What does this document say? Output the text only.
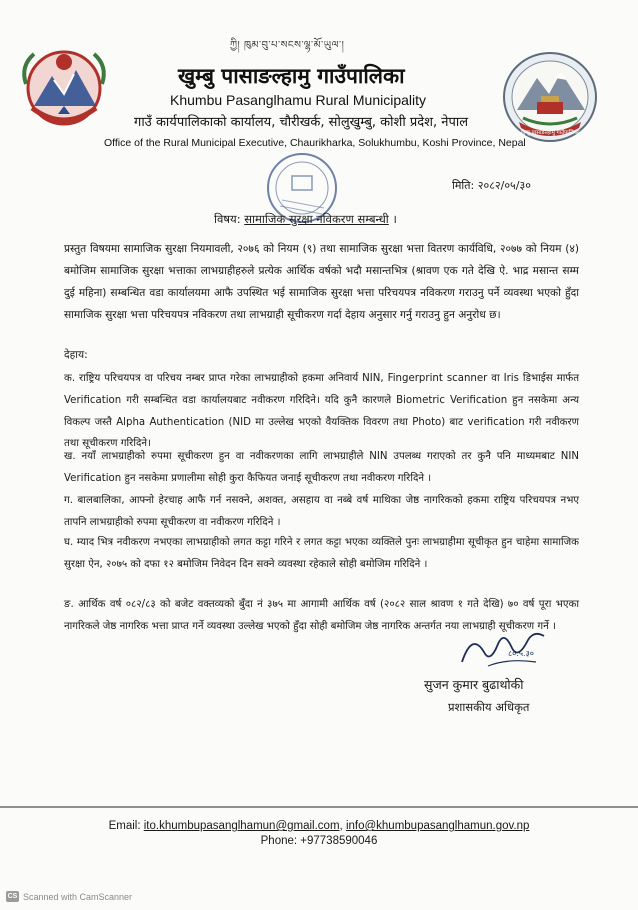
खुम्बु पासाङल्हामु गाउँपालिका
ཀྱི། ཁུམ་བུ་པ་སངས་ལྷ་མོ་ཡུལ་།
खुम्बु पासाङल्हामु गाउँपालिका
Khumbu Pasanglhamu Rural Municipality
गाउँ कार्यपालिकाको कार्यालय, चौरीखर्क, सोलुखुम्बु, कोशी प्रदेश, नेपाल
Office of the Rural Municipal Executive, Chaurikharka, Solukhumbu, Koshi Province, Nepal
मिति: २०८२/०५/३०
विषय: सामाजिक सुरक्षा नविकरण सम्बन्धी ।
प्रस्तुत विषयमा सामाजिक सुरक्षा नियमावली, २०७६ को नियम (९) तथा सामाजिक सुरक्षा भत्ता वितरण कार्यविधि, २०७७ को नियम (४) बमोजिम सामाजिक सुरक्षा भत्ताका लाभग्राहीहरुले प्रत्येक आर्थिक वर्षको भदौ मसान्तभित्र (श्रावण एक गते देखि ऐ. भाद्र मसान्त सम्म दुई महिना) सम्बन्धित वडा कार्यालयमा आफै उपस्थित भई सामाजिक सुरक्षा भत्ता परिचयपत्र नविकरण गराउनु पर्ने व्यवस्था भएको हुँदा सामाजिक सुरक्षा भत्ता परिचयपत्र नविकरण तथा लाभग्राही सूचीकरण गर्दा देहाय अनुसार गर्नु गराउनु हुन अनुरोध छ।
देहाय:
क. राष्ट्रिय परिचयपत्र वा परिचय नम्बर प्राप्त गरेका लाभग्राहीको हकमा अनिवार्य NIN, Fingerprint scanner वा Iris डिभाईस मार्फत Verification गरी सम्बन्धित वडा कार्यालयबाट नवीकरण गरिदिने। यदि कुनै कारणले Biometric Verification हुन नसकेमा अन्य विकल्प जस्तै Alpha Authentication (NID मा उल्लेख भएको वैयक्तिक विवरण तथा Photo) बाट verification गरी नवीकरण तथा सूचीकरण गरिदिने।
ख. नयाँ लाभग्राहीको रुपमा सूचीकरण हुन वा नवीकरणका लागि लाभग्राहीले NIN उपलब्ध गराएको तर कुनै पनि माध्यमबाट NIN Verification हुन नसकेमा प्रणालीमा सोही कुरा कैफियत जनाई सूचीकरण तथा नवीकरण गरिदिने ।
ग. बालबालिका, आफ्नो हेरचाह आफै गर्न नसक्ने, अशक्त, असहाय वा नब्बे वर्ष माथिका जेष्ठ नागरिकको हकमा राष्ट्रिय परिचयपत्र नभए तापनि लाभग्राहीको रुपमा सूचीकरण वा नवीकरण गरिदिने ।
घ. म्याद भित्र नवीकरण नभएका लाभग्राहीको लगत कट्टा गरिने र लगत कट्टा भएका व्यक्तिले पुनः लाभग्राहीमा सूचीकृत हुन चाहेमा सामाजिक सुरक्षा ऐन, २०७५ को दफा १२ बमोजिम निवेदन दिन सक्ने व्यवस्था रहेकाले सोही बमोजिम गरिदिने ।
ङ. आर्थिक वर्ष ०८२/८३ को बजेट वक्तव्यको बुँदा नं ३७५ मा आगामी आर्थिक वर्ष (२०८२ साल श्रावण १ गते देखि) ७० वर्ष पूरा भएका नागरिकले जेष्ठ नागरिक भत्ता प्राप्त गर्ने व्यवस्था उल्लेख भएको हुँदा सोही बमोजिम जेष्ठ नागरिक अन्तर्गत नया लाभग्राही सूचीकरण गर्ने ।
८०.५.३०
सुजन कुमार बुढाथोकी
प्रशासकीय अधिकृत
Email: ito.khumbupasanglhamun@gmail.com, info@khumbupasanglhamun.gov.np
Phone: +97738590046
CS Scanned with CamScanner
